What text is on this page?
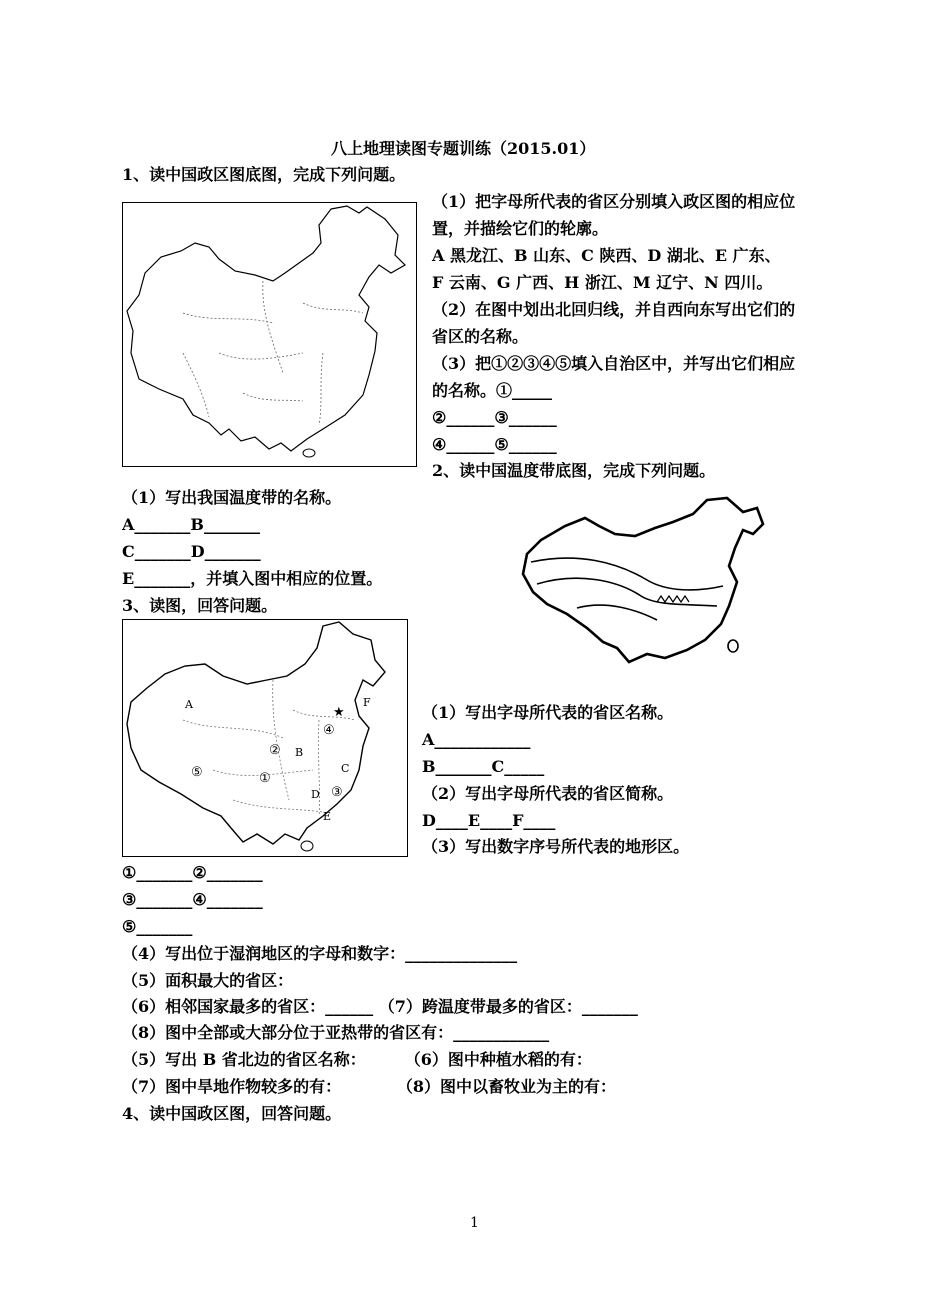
八上地理读图专题训练（2015.01）
1、读中国政区图底图，完成下列问题。
（1）把字母所代表的省区分别填入政区图的相应位
置，并描绘它们的轮廓。
A 黑龙江、B 山东、C 陕西、D 湖北、E 广东、
F 云南、G 广西、H 浙江、M 辽宁、N 四川。
（2）在图中划出北回归线，并自西向东写出它们的
省区的名称。
（3）把①②③④⑤填入自治区中，并写出它们相应
的名称。①_____
②______③______
④______⑤______
2、读中国温度带底图，完成下列问题。
（1）写出我国温度带的名称。
A_______B_______
C_______D_______
E_______，并填入图中相应的位置。
3、读图，回答问题。
★
A
①
②
③
④
⑤
B
C
D
E
F
（1）写出字母所代表的省区名称。
A____________
B_______C_____
（2）写出字母所代表的省区简称。
D____E____F____
（3）写出数字序号所代表的地形区。
①_______②_______
③_______④_______
⑤_______
（4）写出位于湿润地区的字母和数字：______________
（5）面积最大的省区：
（6）相邻国家最多的省区：______ （7）跨温度带最多的省区：_______
（8）图中全部或大部分位于亚热带的省区有：____________
（5）写出 B 省北边的省区名称：       （6）图中种植水稻的有：
（7）图中旱地作物较多的有：          （8）图中以畜牧业为主的有：
4、读中国政区图，回答问题。
1
